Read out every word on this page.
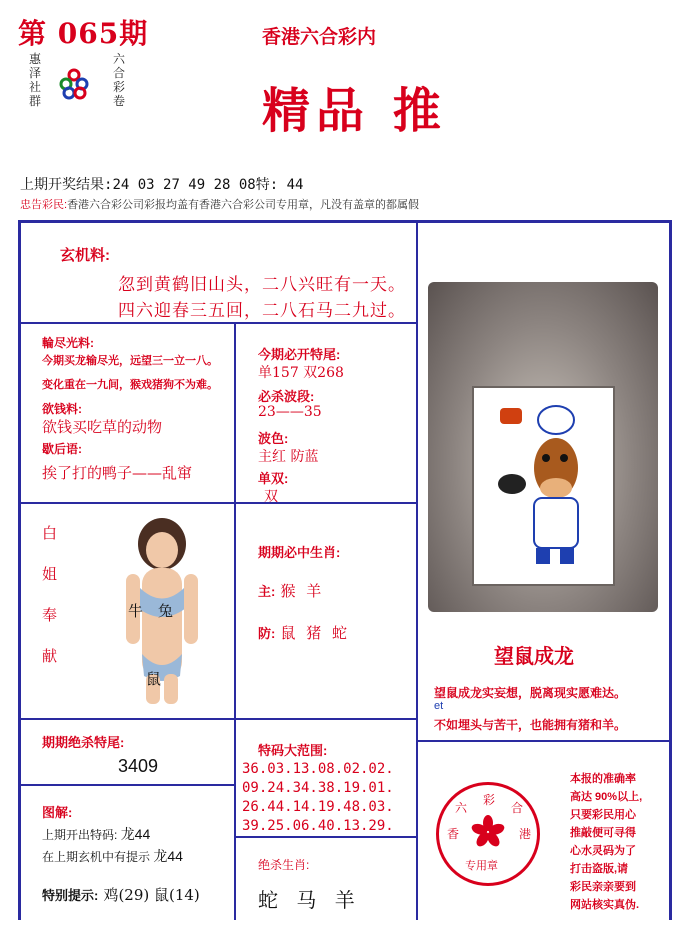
第 065期
惠泽社群
六合彩卷
香港六合彩内
精品 推
上期开奖结果:24 03 27 49 28 08特: 44
忠告彩民:香港六合彩公司彩报均盖有香港六合彩公司专用章，凡没有盖章的都属假
玄机料:
忽到黄鹤旧山头，二八兴旺有一天。
四六迎春三五回，二八石马二九过。
輪尽光料:
今期买龙输尽光，远望三一立一八。
变化重在一九间，猴戏猪狗不为难。
欲钱料:
欲钱买吃草的动物
歇后语:
挨了打的鸭子——乱窜
今期必开特尾:
单157 双268
必杀波段:
23——35
波色:
主红 防蓝
单双:
双
白
姐
奉
献
牛 兔
鼠
期期必中生肖:
主: 猴 羊
防: 鼠 猪 蛇
望鼠成龙
望鼠成龙实妄想，脱离现实愿难达。
et
不如埋头与苦干，也能拥有猪和羊。
期期绝杀特尾:
3409
特码大范围:
36.03.13.08.02.02.
09.24.34.38.19.01.
26.44.14.19.48.03.
39.25.06.40.13.29.
图解:
上期开出特码: 龙44
在上期玄机中有提示 龙44
特别提示: 鸡(29) 鼠(14)
绝杀生肖:
蛇 马 羊
六
彩
合
香	港
专用章
本报的准确率
高达 90%以上,
只要彩民用心
推敲便可寻得
心水灵码为了
打击盗版,请
彩民亲亲要到
网站核实真伪.
